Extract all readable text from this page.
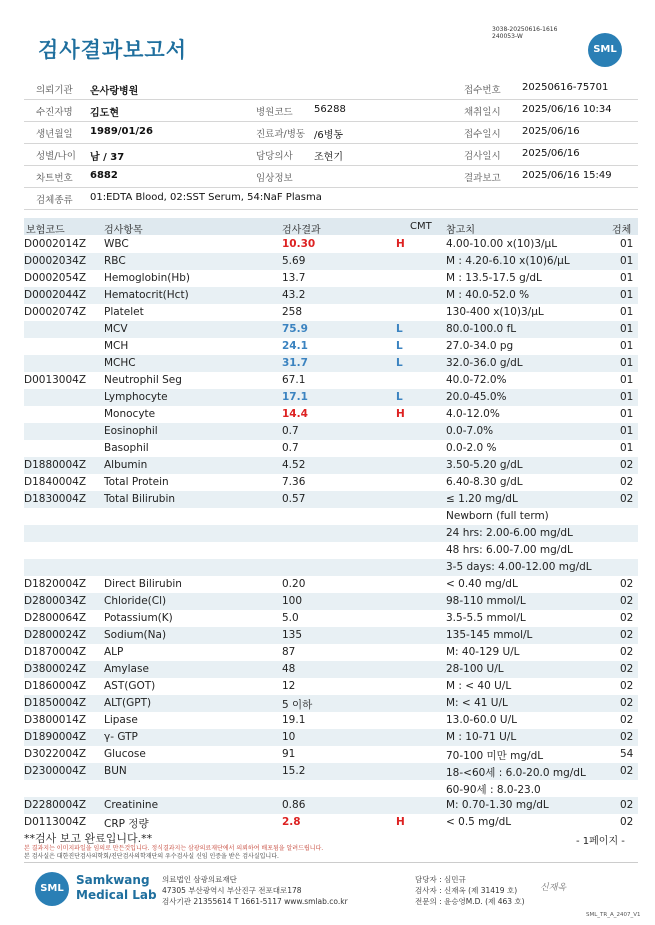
검사결과보고서
3038-20250616-1616
240053-W
SML
의뢰기관 온사랑병원	접수번호 20250616-75701
수진자명 김도현	병원코드 56288	채취일시 2025/06/16 10:34
생년월일 1989/01/26	진료과/병동 /6병동	접수일시 2025/06/16
성별/나이 남 / 37	담당의사 조현기	검사일시 2025/06/16
차트번호 6882	임상정보	결과보고 2025/06/16 15:49
검체종류 01:EDTA Blood, 02:SST Serum, 54:NaF Plasma
보험코드	검사항목	검사결과	CMT 참고치	검체
D0002014Z WBC	10.30	H	4.00-10.00 x(10)3/μL	01
D0002034Z RBC	5.69	M : 4.20-6.10 x(10)6/μL	01
D0002054Z Hemoglobin(Hb)	13.7	M : 13.5-17.5 g/dL	01
D0002044Z Hematocrit(Hct)	43.2	M : 40.0-52.0 %	01
D0002074Z Platelet	258	130-400 x(10)3/μL	01
MCV	75.9	L	80.0-100.0 fL	01
MCH	24.1	L	27.0-34.0 pg	01
MCHC	31.7	L	32.0-36.0 g/dL	01
D0013004Z Neutrophil Seg	67.1	40.0-72.0%	01
Lymphocyte	17.1	L	20.0-45.0%	01
Monocyte	14.4	H	4.0-12.0%	01
Eosinophil	0.7	0.0-7.0%	01
Basophil	0.7	0.0-2.0 %	01
D1880004Z Albumin	4.52	3.50-5.20 g/dL	02
D1840004Z Total Protein	7.36	6.40-8.30 g/dL	02
D1830004Z Total Bilirubin	0.57	≤ 1.20 mg/dL	02
Newborn (full term)
24 hrs: 2.00-6.00 mg/dL
48 hrs: 6.00-7.00 mg/dL
3-5 days: 4.00-12.00 mg/dL
D1820004Z Direct Bilirubin	0.20	< 0.40 mg/dL	02
D2800034Z Chloride(Cl)	100	98-110 mmol/L	02
D2800064Z Potassium(K)	5.0	3.5-5.5 mmol/L	02
D2800024Z Sodium(Na)	135	135-145 mmol/L	02
D1870004Z ALP	87	M: 40-129 U/L	02
D3800024Z Amylase	48	28-100 U/L	02
D1860004Z AST(GOT)	12	M : < 40 U/L	02
D1850004Z ALT(GPT)	5 이하	M: < 41 U/L	02
D3800014Z Lipase	19.1	13.0-60.0 U/L	02
D1890004Z γ- GTP	10	M : 10-71 U/L	02
D3022004Z Glucose	91	70-100 미만 mg/dL	54
D2300004Z BUN	15.2	18-<60세 : 6.0-20.0 mg/dL	02
60-90세 : 8.0-23.0
D2280004Z Creatinine	0.86	M: 0.70-1.30 mg/dL	02
D0113004Z CRP 정량	2.8	H	< 0.5 mg/dL	02
**검사 보고 완료입니다.**	- 1페이지 -
본 결과지는 이미지파일을 임의로 만든것입니다. 정식결과지는 삼광의료재단에서 의뢰하여 배포됨을 알려드립니다.
본 검사실은 대한진단검사의학회/진단검사의학재단의 우수검사실 신임 인증을 받은 검사실입니다.
SML
Samkwang
Medical Lab
의료법인 삼광의료재단
47305 부산광역시 부산진구 전포대로178
검사기관 21355614 T 1661-5117 www.smlab.co.kr
담당자 : 심민규
검사자 : 신재옥 (제 31419 호)
전문의 : 윤승영M.D. (제 463 호)
신재옥
SML_TR_A_2407_V1
